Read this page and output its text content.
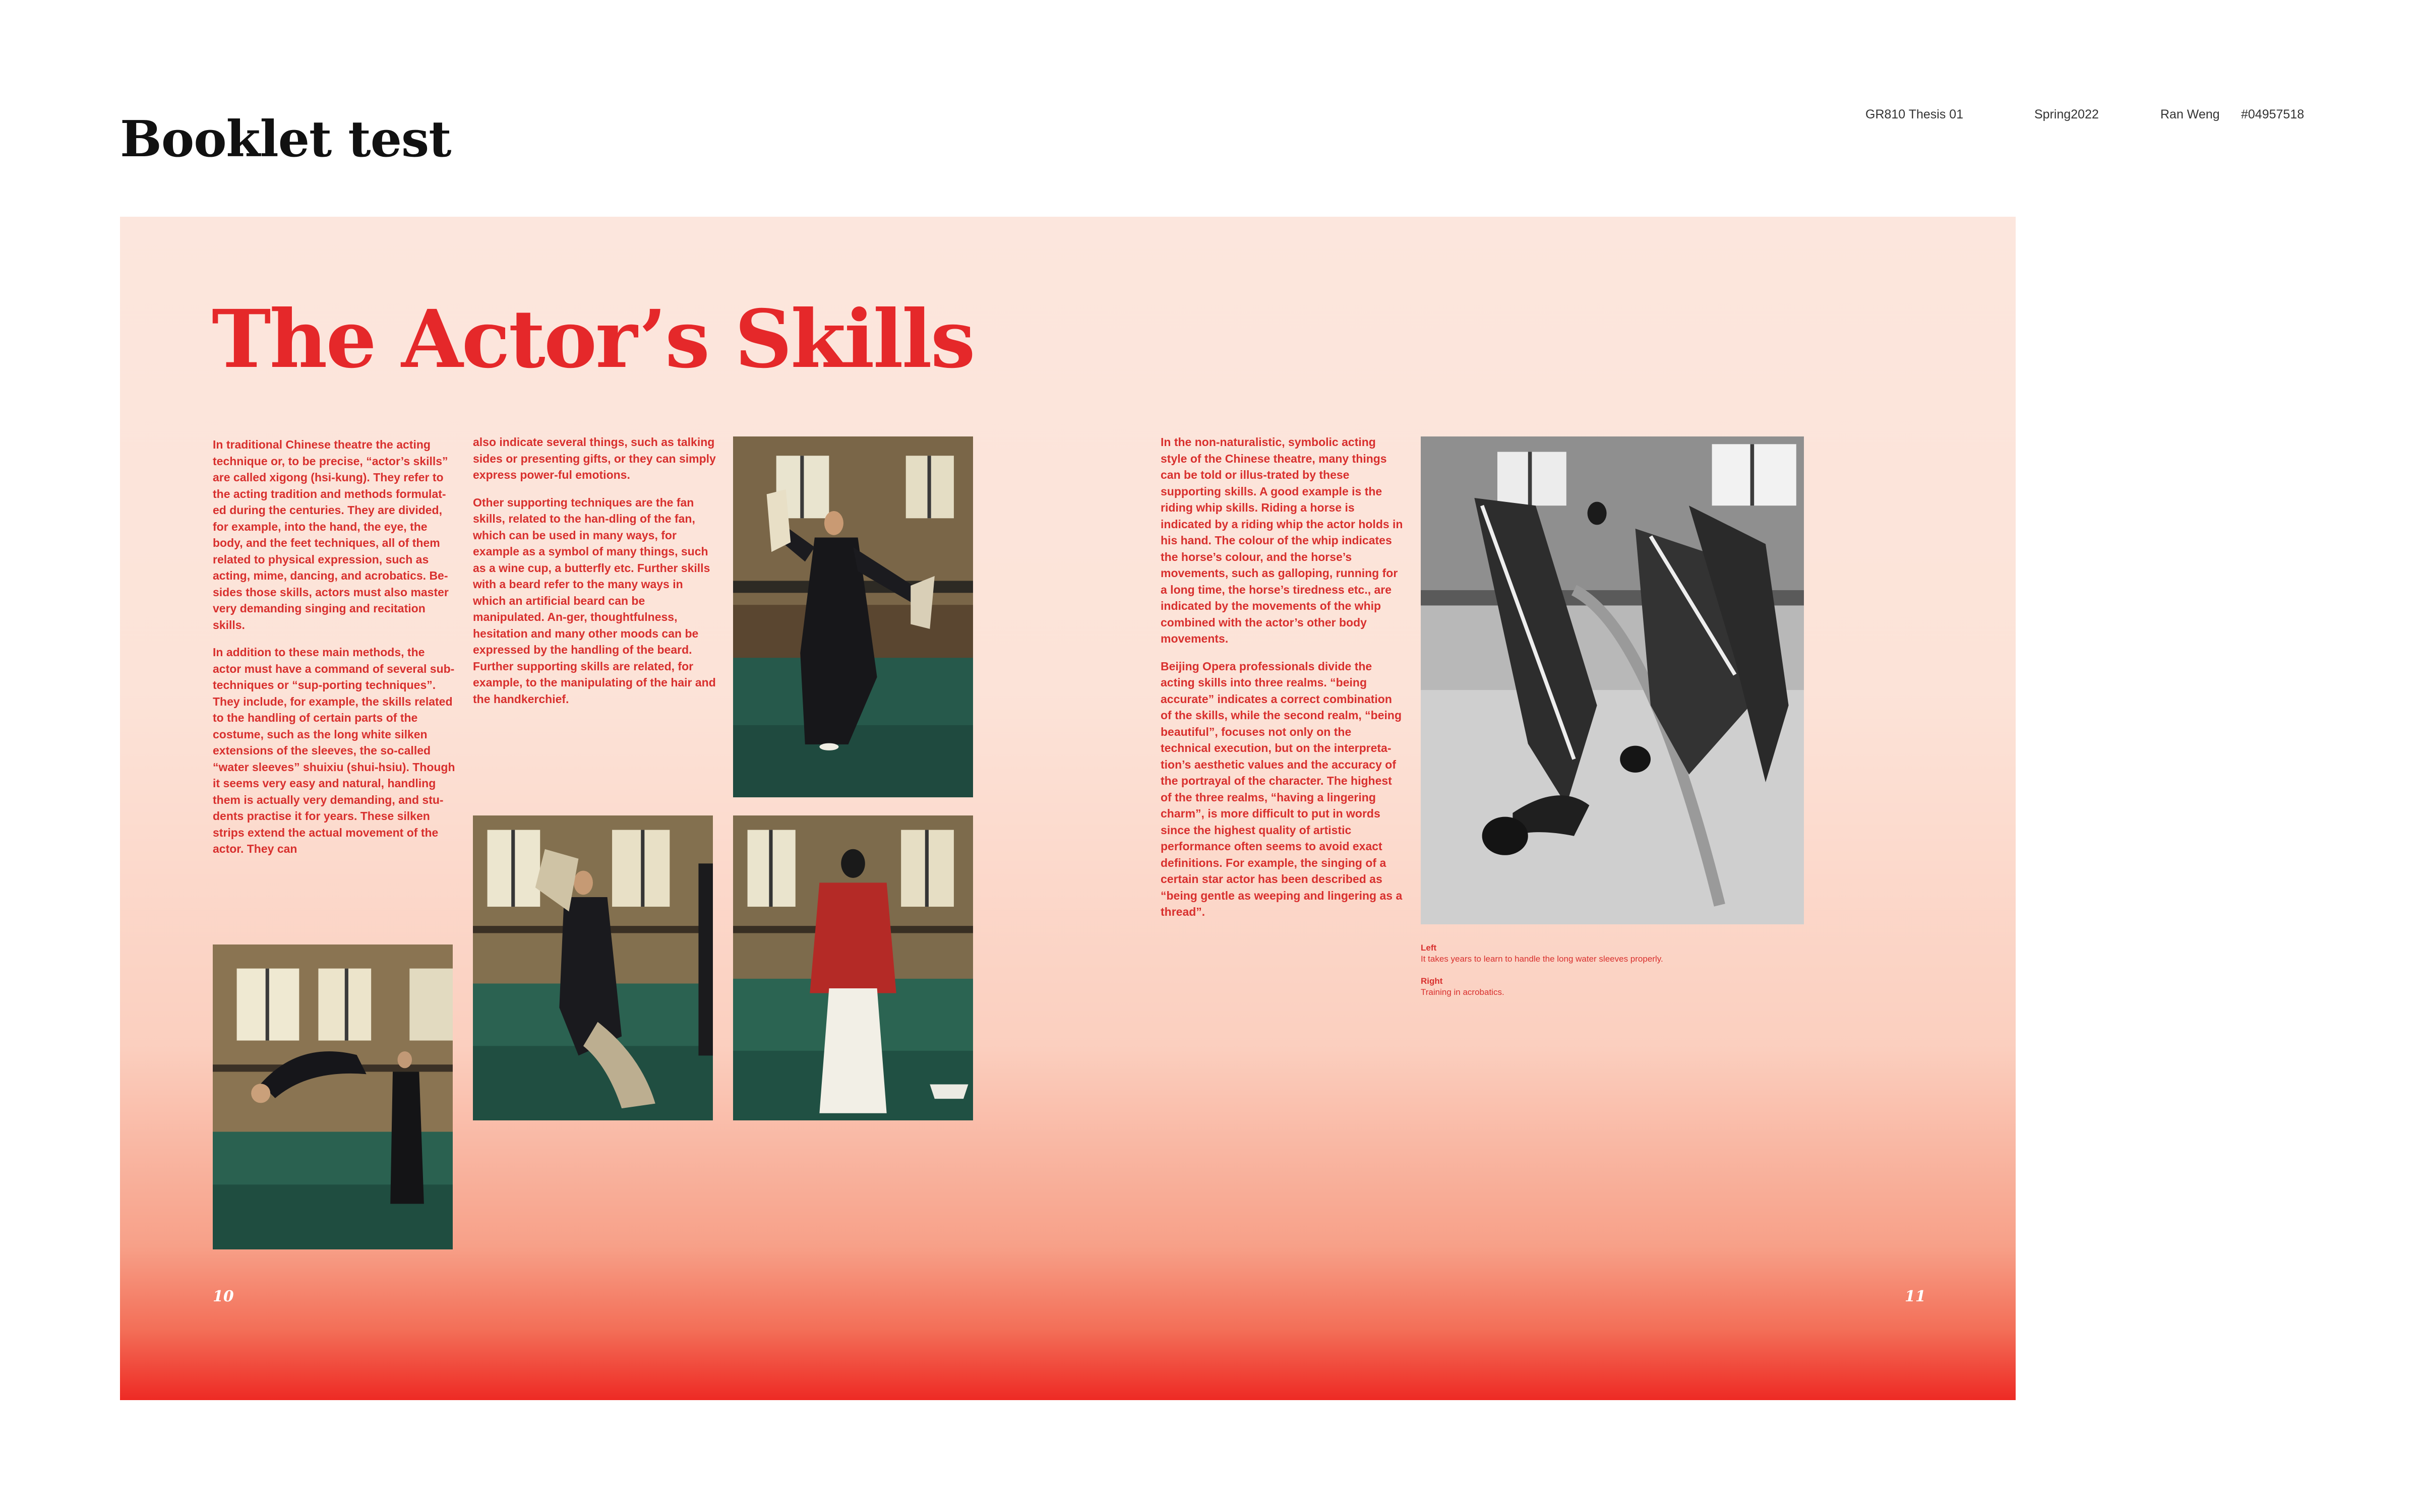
Booklet test	GR810 Thesis 01	Spring2022	Ran Weng #04957518
The Actor’s Skills

In traditional Chinese theatre the acting technique or, to be precise, “actor’s skills” are called xigong (hsi-kung). They refer to the acting tradition and methods formulat-ed during the centuries. They are divided, for example, into the hand, the eye, the body, and the feet techniques, all of them related to physical expression, such as acting, mime, dancing, and acrobatics. Be-sides those skills, actors must also master very demanding singing and recitation skills.

In addition to these main methods, the actor must have a command of several sub-techniques or “sup-porting techniques”. They include, for example, the skills related to the handling of certain parts of the costume, such as the long white silken extensions of the sleeves, the so-called “water sleeves” shuixiu (shui-hsiu). Though it seems very easy and natural, handling them is actually very demanding, and stu-dents practise it for years. These silken strips extend the actual movement of the actor. They can

also indicate several things, such as talking sides or presenting gifts, or they can simply express power-ful emotions.

Other supporting techniques are the fan skills, related to the han-dling of the fan, which can be used in many ways, for example as a symbol of many things, such as a wine cup, a butterfly etc. Further skills with a beard refer to the many ways in which an artificial beard can be manipulated. An-ger, thoughtfulness, hesitation and many other moods can be expressed by the handling of the beard. Further supporting skills are related, for example, to the manipulating of the hair and the handkerchief.

In the non-naturalistic, symbolic acting style of the Chinese theatre, many things can be told or illus-trated by these supporting skills. A good example is the riding whip skills. Riding a horse is indicated by a riding whip the actor holds in his hand. The colour of the whip indicates the horse’s colour, and the horse’s movements, such as galloping, running for a long time, the horse’s tiredness etc., are indicated by the movements of the whip combined with the actor’s other body movements.

Beijing Opera professionals divide the acting skills into three realms. “being accurate” indicates a correct combination of the skills, while the second realm, “being beautiful”, focuses not only on the technical execution, but on the interpreta-tion’s aesthetic values and the accuracy of the portrayal of the character. The highest of the three realms, “having a lingering charm”, is more difficult to put in words since the highest quality of artistic performance often seems to avoid exact definitions. For example, the singing of a certain star actor has been described as “being gentle as weeping and lingering as a thread”.

Left
It takes years to learn to handle the long water sleeves properly.
Right
Training in acrobatics.
10	11
